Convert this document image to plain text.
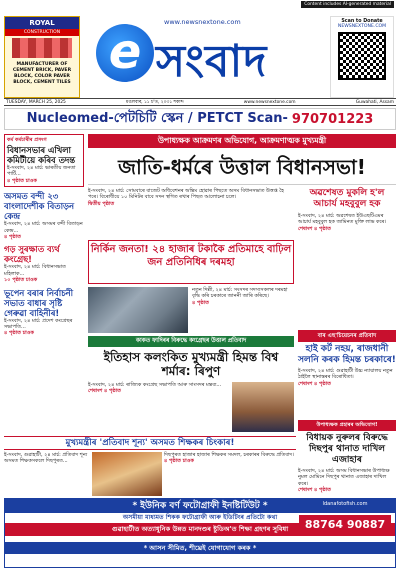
Content includes AI-generated material
ROYAL
CONSTRUCTION
MANUFACTURER OF CEMENT BRICK, PAVER BLOCK, COLOR PAVER BLOCK, CEMENT TILES
www.newsnextone.com
e সংবাদ
Scan to Donate
NEWSNEXTONE.COM
TUESDAY, MARCH 25, 2025	মঙলবাৰ, ১১ চ'ত, ২০৩১ শকাব্দ	www.newsnextone.com	Guwahati, Assam
Nucleomed-পেটচিটি স্কেন / PETCT Scan- 970701223
কৰ্ম কৰ্মচাৰীৰ প্ৰসংগ
বিধানসভাৰ এখিলা কমিটীয়ে কৰিব তদন্ত
ই-সংবাদ, ২৪ মাৰ্চ: ভাৰতীয় জনতা পাৰ্টি...
৪ পৃষ্ঠাত চাওক
অসমত বন্দী ২৩ বাংলাদেশীক বিতাড়ন কেন্দ্ৰ
ই-সংবাদ, ২৪ মাৰ্চ: অসমৰ বন্দী বিতাড়ন কেন্দ্ৰ...
৪ পৃষ্ঠাত
গড় সুৰক্ষাত ব্যৰ্থ কংগ্ৰেছ!
ই-সংবাদ, ২৪ মাৰ্চ: বিধানসভাত মহিলাক...
১০ পৃষ্ঠাত চাওক
ভূপেন বৰাৰ নিৰ্বাচনী সভাত বাধাৰ সৃষ্টি গেৰুৱা বাহিনীৰ!
ই-সংবাদ, ২৪ মাৰ্চ: প্ৰদেশ কংগ্ৰেছৰ সভাপতি...
৪ পৃষ্ঠাত চাওক
উপাধ্যক্ষক আক্ৰমণৰ অভিযোগ, আক্ৰমণাত্মক মুখ্যমন্ত্ৰী
জাতি-ধৰ্মৰে উত্তাল বিধানসভা!
ই-সংবাদ, ২৪ মাৰ্চ: সোমবাৰে বাজেট অধিবেশনৰ অন্তিম হোৱাৰ পিছতে অসম বিধানসভাত উত্তপ্ত হৈ পৰে। বিৰোধীয়ে ১০ মিনিটৰ বাবে সদন স্থগিত ৰখাৰ পিছত আলোচনা চলে।
দ্বিতীয় পৃষ্ঠাত
অৱশেষত মুকলি হ'ল আচাৰ্য মহবুবুল হক
ই-সংবাদ, ২৪ মাৰ্চ: অৱশেষত ইউএছটিএমৰ আচাৰ্য মহবুবুল হক জামিনত মুক্তি লাভ কৰে।
শেষাংশ ৪ পৃষ্ঠাত
নিৰ্কিন জনতা! ২৪ হাজাৰ টকাকৈ প্ৰতিমাহে বাঢ়িল জন প্ৰতিনিধিৰ দৰমহা
নতুন দিল্লী, ২৪ মাৰ্চ: সংসদৰ সদস্যসকলৰ দৰমহা বৃদ্ধি কৰি চৰকাৰে জাননী জাৰি কৰিছে।
৪ পৃষ্ঠাত
কাকত ফাদিৰৰ বিৰুদ্ধে কংগ্ৰেছৰ উত্তাল প্ৰতিবাদ
ইতিহাস কলংকিত মুখ্যমন্ত্ৰী হিমন্ত বিশ্ব শৰ্মাৰ: ৰিপুণ
ই-সংবাদ, ২৪ মাৰ্চ: ৰাজ্যিক কংগ্ৰেছ সভাপতি আৰু সাংসদৰ মন্তব্য...
শেষাংশ ৪ পৃষ্ঠাত
বাৰ এছ'চিয়েচনৰ প্ৰতিবাদ
হাই কৰ্ট নহয়, ৰাজধানী সলনি কৰক হিমন্ত চৰকাৰে!
ই-সংবাদ, ২৪ মাৰ্চ: গুৱাহাটী উচ্চ ন্যায়ালয় নতুন ঠাইলৈ স্থানান্তৰৰ বিৰোধিতা।
শেষাংশ ৪ পৃষ্ঠাত
উপাধ্যক্ষক প্ৰহাৰৰ অভিযোগ!
বিধায়ক নুৰুলৰ বিৰুদ্ধে দিছপুৰ থানাত দাখিল এজাহাৰ
ই-সংবাদ, ২৪ মাৰ্চ: অসম বিধানসভাৰ উপাধ্যক্ষ নুমল মোমিনে দিছপুৰ থানাত এজাহাৰ দাখিল কৰে।
শেষাংশ ৪ পৃষ্ঠাত
মুখ্যমন্ত্ৰীৰ 'প্ৰতিবাদ শূন্য' অসমত শিক্ষকৰ চিংকাৰ!
ই-সংবাদ, গুৱাহাটী, ২৪ মাৰ্চ: প্ৰতিবাদ শূন্য অসমত শিক্ষকসকলে দিছপুৰত...
দিছপুৰত হাজাৰ হাজাৰ শিক্ষকৰ সমদল, চৰকাৰৰ বিৰুদ্ধে প্ৰতিবাদ।
৪ পৃষ্ঠাত চাওক
* ইউনিক বৰ্ণ ফটোগ্ৰাফী ইনষ্টিটিউট *
অসমীয়া মাধ্যমত শিকক ফটোগ্ৰাফী আৰু ইডিটিংৰ প্ৰতিটো কথা
গুৱাহাটীত অত্যাধুনিক উন্নত মানদণ্ডৰ ষ্টুডিঅ'ত শিক্ষা গ্ৰহণৰ সুবিধা
* আসন সীমিত, শীঘ্ৰেই যোগাযোগ কৰক *
Idanafotofish.com
88764 90887
